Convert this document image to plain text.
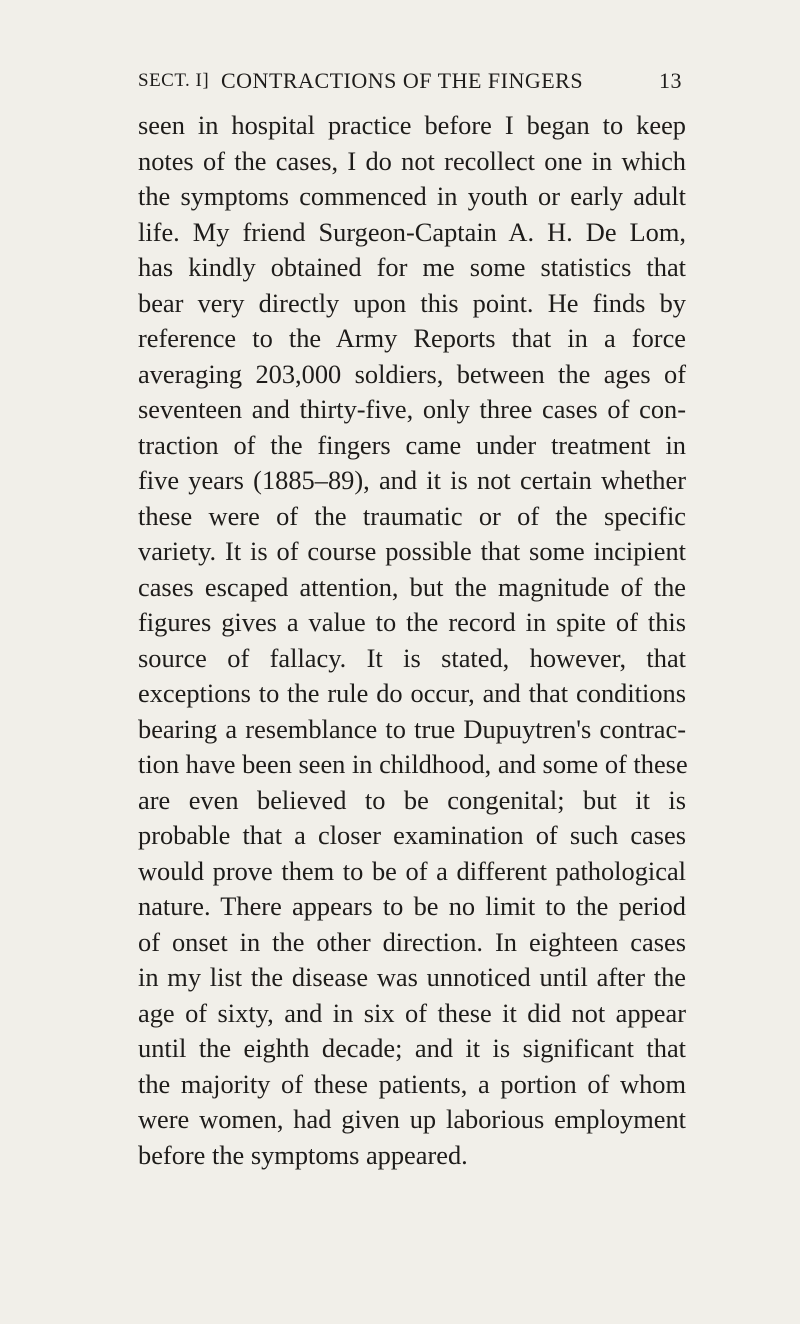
SECT. I] CONTRACTIONS OF THE FINGERS	13
seen in hospital practice before I began to keep
notes of the cases, I do not recollect one in which
the symptoms commenced in youth or early adult
life. My friend Surgeon-Captain A. H. De Lom,
has kindly obtained for me some statistics that
bear very directly upon this point. He finds by
reference to the Army Reports that in a force
averaging 203,000 soldiers, between the ages of
seventeen and thirty-five, only three cases of con-
traction of the fingers came under treatment in
five years (1885–89), and it is not certain whether
these were of the traumatic or of the specific
variety. It is of course possible that some incipient
cases escaped attention, but the magnitude of the
figures gives a value to the record in spite of this
source of fallacy. It is stated, however, that
exceptions to the rule do occur, and that conditions
bearing a resemblance to true Dupuytren's contrac-
tion have been seen in childhood, and some of these
are even believed to be congenital; but it is
probable that a closer examination of such cases
would prove them to be of a different pathological
nature. There appears to be no limit to the period
of onset in the other direction. In eighteen cases
in my list the disease was unnoticed until after the
age of sixty, and in six of these it did not appear
until the eighth decade; and it is significant that
the majority of these patients, a portion of whom
were women, had given up laborious employment
before the symptoms appeared.
